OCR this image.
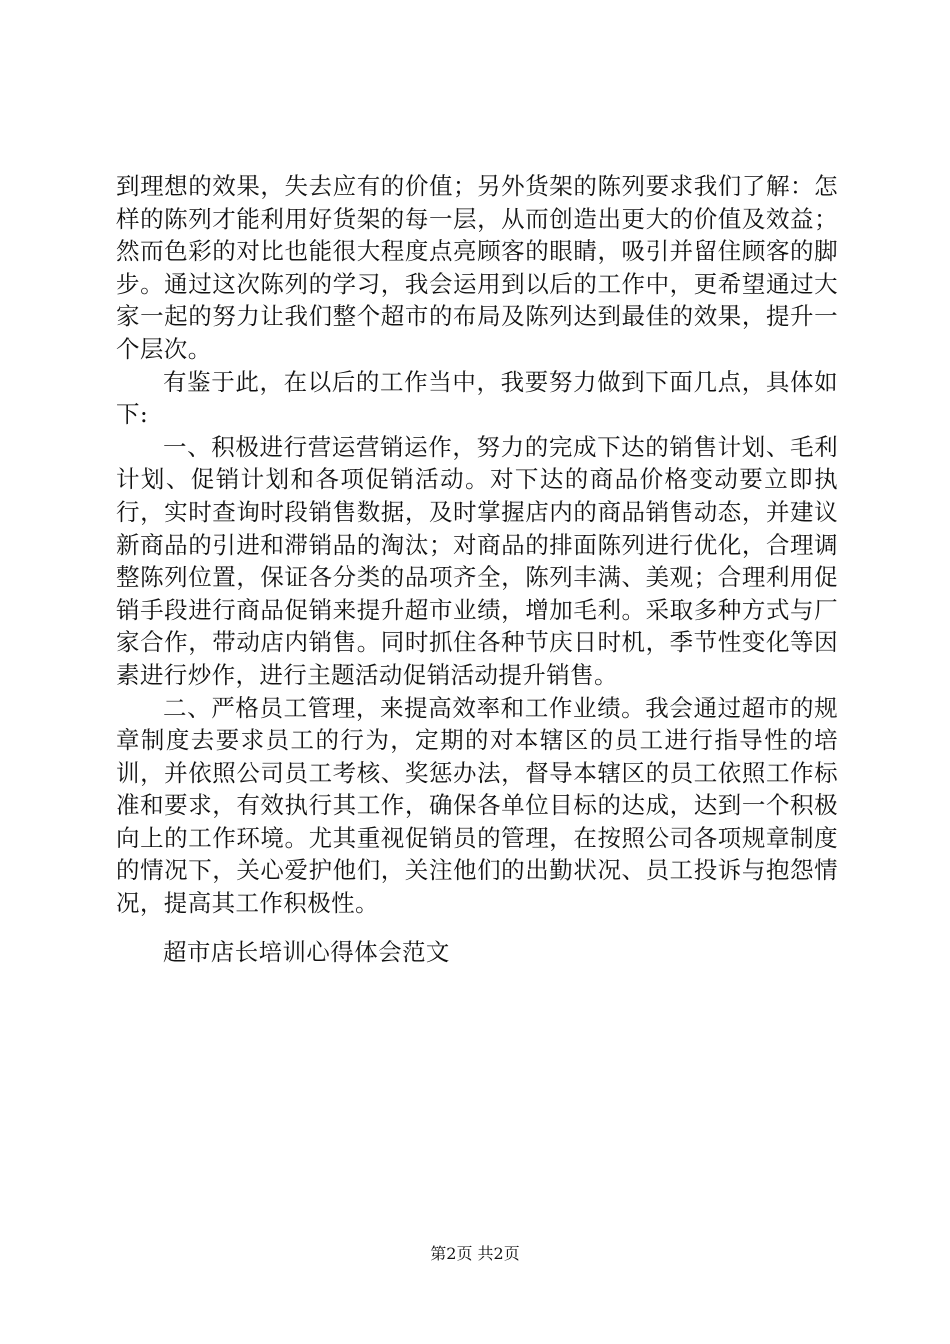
到理想的效果，失去应有的价值；另外货架的陈列要求我们了解：怎样的陈列才能利用好货架的每一层，从而创造出更大的价值及效益；然而色彩的对比也能很大程度点亮顾客的眼睛，吸引并留住顾客的脚步。通过这次陈列的学习，我会运用到以后的工作中，更希望通过大家一起的努力让我们整个超市的布局及陈列达到最佳的效果，提升一个层次。

有鉴于此，在以后的工作当中，我要努力做到下面几点，具体如下:

一、积极进行营运营销运作，努力的完成下达的销售计划、毛利计划、促销计划和各项促销活动。对下达的商品价格变动要立即执行，实时查询时段销售数据，及时掌握店内的商品销售动态，并建议新商品的引进和滞销品的淘汰；对商品的排面陈列进行优化，合理调整陈列位置，保证各分类的品项齐全，陈列丰满、美观；合理利用促销手段进行商品促销来提升超市业绩，增加毛利。采取多种方式与厂家合作，带动店内销售。同时抓住各种节庆日时机，季节性变化等因素进行炒作，进行主题活动促销活动提升销售。

二、严格员工管理，来提高效率和工作业绩。我会通过超市的规章制度去要求员工的行为，定期的对本辖区的员工进行指导性的培训，并依照公司员工考核、奖惩办法，督导本辖区的员工依照工作标准和要求，有效执行其工作，确保各单位目标的达成，达到一个积极向上的工作环境。尤其重视促销员的管理，在按照公司各项规章制度的情况下，关心爱护他们，关注他们的出勤状况、员工投诉与抱怨情况，提高其工作积极性。

超市店长培训心得体会范文

第2页 共2页
